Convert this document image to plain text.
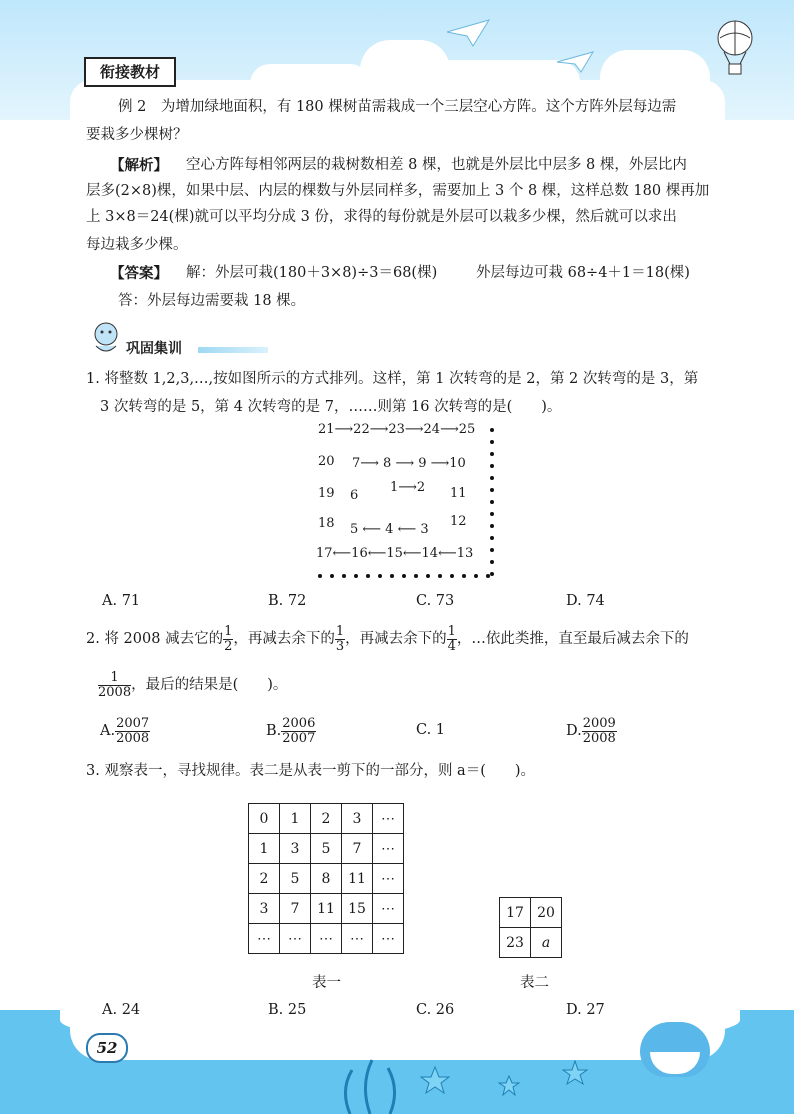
衔接教材
例 2　为增加绿地面积，有 180 棵树苗需栽成一个三层空心方阵。这个方阵外层每边需
要栽多少棵树？
【解析】 空心方阵每相邻两层的栽树数相差 8 棵，也就是外层比中层多 8 棵，外层比内
层多(2×8)棵，如果中层、内层的棵数与外层同样多，需要加上 3 个 8 棵，这样总数 180 棵再加
上 3×8＝24(棵)就可以平均分成 3 份，求得的每份就是外层可以栽多少棵，然后就可以求出
每边栽多少棵。
【答案】 解：外层可栽(180＋3×8)÷3＝68(棵)	外层每边可栽 68÷4＋1＝18(棵)
答：外层每边需要栽 18 棵。
巩固集训
1. 将整数 1,2,3,…,按如图所示的方式排列。这样，第 1 次转弯的是 2，第 2 次转弯的是 3，第
3 次转弯的是 5，第 4 次转弯的是 7，……则第 16 次转弯的是(　　)。
21⟶22⟶23⟶24⟶25
20 7⟶ 8 ⟶ 9 ⟶10
19 6
1⟶2 11
18	12
5 ⟵ 4 ⟵ 3
17⟵16⟵15⟵14⟵13
A. 71	B. 72	C. 73	D. 74
2. 将 2008 减去它的 $\frac{1}{2}$ ，再减去余下的 $\frac{1}{3}$ ，再减去余下的 $\frac{1}{4}$ ，…依此类推，直至最后减去余下的
$\frac{1}{2008}$ ，最后的结果是(　　)。
A. $\frac{2007}{2008}$	B. $\frac{2006}{2007}$	C. 1	D. $\frac{2009}{2008}$
3. 观察表一，寻找规律。表二是从表一剪下的一部分，则 a＝(　　)。
0	1	2	3	⋯
1	3	5	7	⋯
2	5	8	11	⋯
3	7	11	15	⋯
⋯	⋯	⋯	⋯	⋯
17	20
23	a
表一	表二
A. 24	B. 25	C. 26	D. 27
52
